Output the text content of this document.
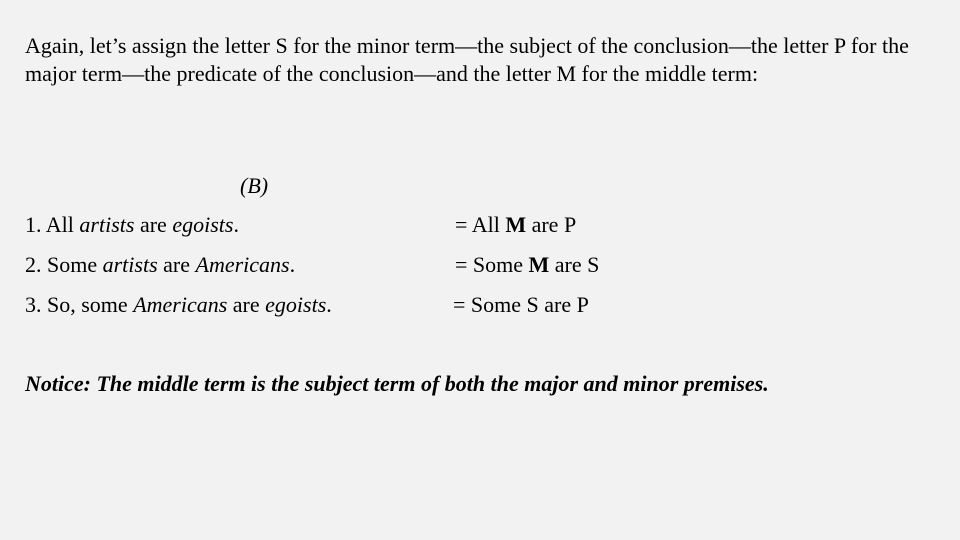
Again, let’s assign the letter S for the minor term—the subject of the conclusion—the letter P for the major term—the predicate of the conclusion—and the letter M for the middle term:

(B)
1. All artists are egoists.	= All M are P
2. Some artists are Americans.	= Some M are S
3. So, some Americans are egoists.	= Some S are P
Notice: The middle term is the subject term of both the major and minor premises.
